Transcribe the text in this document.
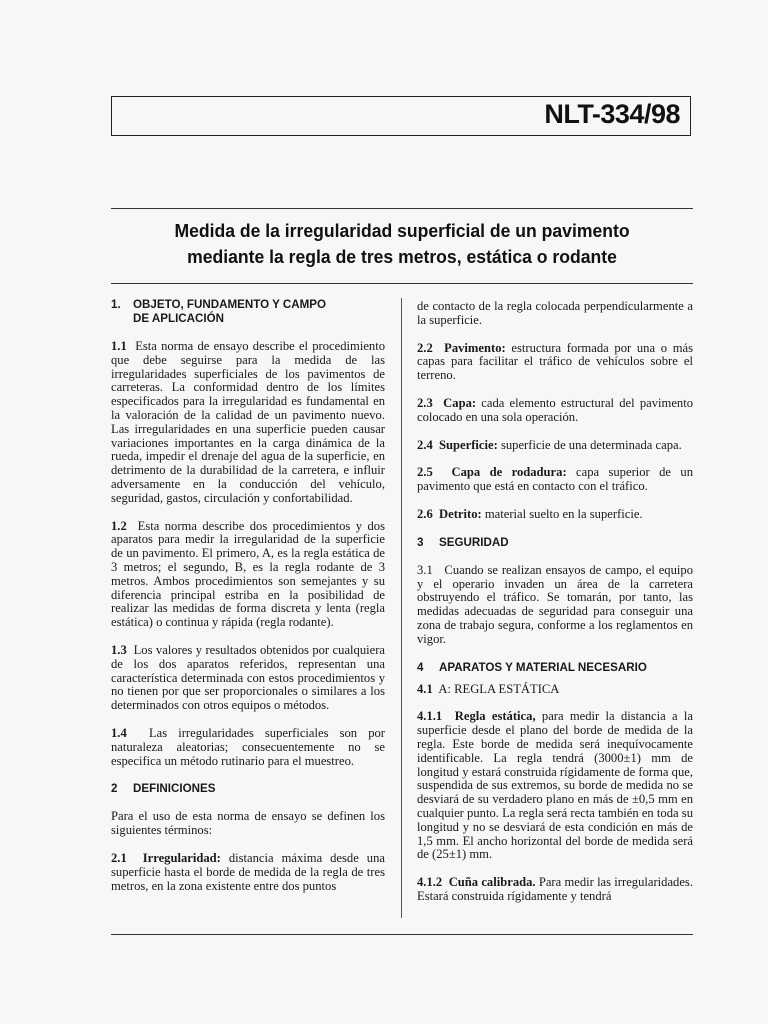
NLT-334/98
Medida de la irregularidad superficial de un pavimento
mediante la regla de tres metros, estática o rodante
1.	OBJETO, FUNDAMENTO Y CAMPO
DE APLICACIÓN

1.1 Esta norma de ensayo describe el procedimiento que debe seguirse para la medida de las irregularidades superficiales de los pavimentos de carreteras. La conformidad dentro de los límites especificados para la irregularidad es fundamental en la valoración de la calidad de un pavimento nuevo. Las irregularidades en una superficie pueden causar variaciones importantes en la carga dinámica de la rueda, impedir el drenaje del agua de la superficie, en detrimento de la durabilidad de la carretera, e influir adversamente en la conducción del vehículo, seguridad, gastos, circulación y confortabilidad.

1.2 Esta norma describe dos procedimientos y dos aparatos para medir la irregularidad de la superficie de un pavimento. El primero, A, es la regla estática de 3 metros; el segundo, B, es la regla rodante de 3 metros. Ambos procedimientos son semejantes y su diferencia principal estriba en la posibilidad de realizar las medidas de forma discreta y lenta (regla estática) o continua y rápida (regla rodante).

1.3 Los valores y resultados obtenidos por cualquiera de los dos aparatos referidos, representan una característica determinada con estos procedimientos y no tienen por que ser proporcionales o similares a los determinados con otros equipos o métodos.

1.4 Las irregularidades superficiales son por naturaleza aleatorias; consecuentemente no se especifica un método rutinario para el muestreo.

2	DEFINICIONES

Para el uso de esta norma de ensayo se definen los siguientes términos:

2.1 Irregularidad: distancia máxima desde una superficie hasta el borde de medida de la regla de tres metros, en la zona existente entre dos puntos

de contacto de la regla colocada perpendicularmente a la superficie.

2.2 Pavimento: estructura formada por una o más capas para facilitar el tráfico de vehículos sobre el terreno.

2.3 Capa: cada elemento estructural del pavimento colocado en una sola operación.

2.4 Superficie: superficie de una determinada capa.

2.5 Capa de rodadura: capa superior de un pavimento que está en contacto con el tráfico.

2.6 Detrito: material suelto en la superficie.

3	SEGURIDAD

3.1 Cuando se realizan ensayos de campo, el equipo y el operario invaden un área de la carretera obstruyendo el tráfico. Se tomarán, por tanto, las medidas adecuadas de seguridad para conseguir una zona de trabajo segura, conforme a los reglamentos en vigor.

4	APARATOS Y MATERIAL NECESARIO

4.1 A: REGLA ESTÁTICA

4.1.1 Regla estática, para medir la distancia a la superficie desde el plano del borde de medida de la regla. Este borde de medida será inequívocamente identificable. La regla tendrá (3000±1) mm de longitud y estará construida rígidamente de forma que, suspendida de sus extremos, su borde de medida no se desviará de su verdadero plano en más de ±0,5 mm en cualquier punto. La regla será recta también en toda su longitud y no se desviará de esta condición en más de 1,5 mm. El ancho horizontal del borde de medida será de (25±1) mm.

4.1.2 Cuña calibrada. Para medir las irregularidades. Estará construida rígidamente y tendrá
